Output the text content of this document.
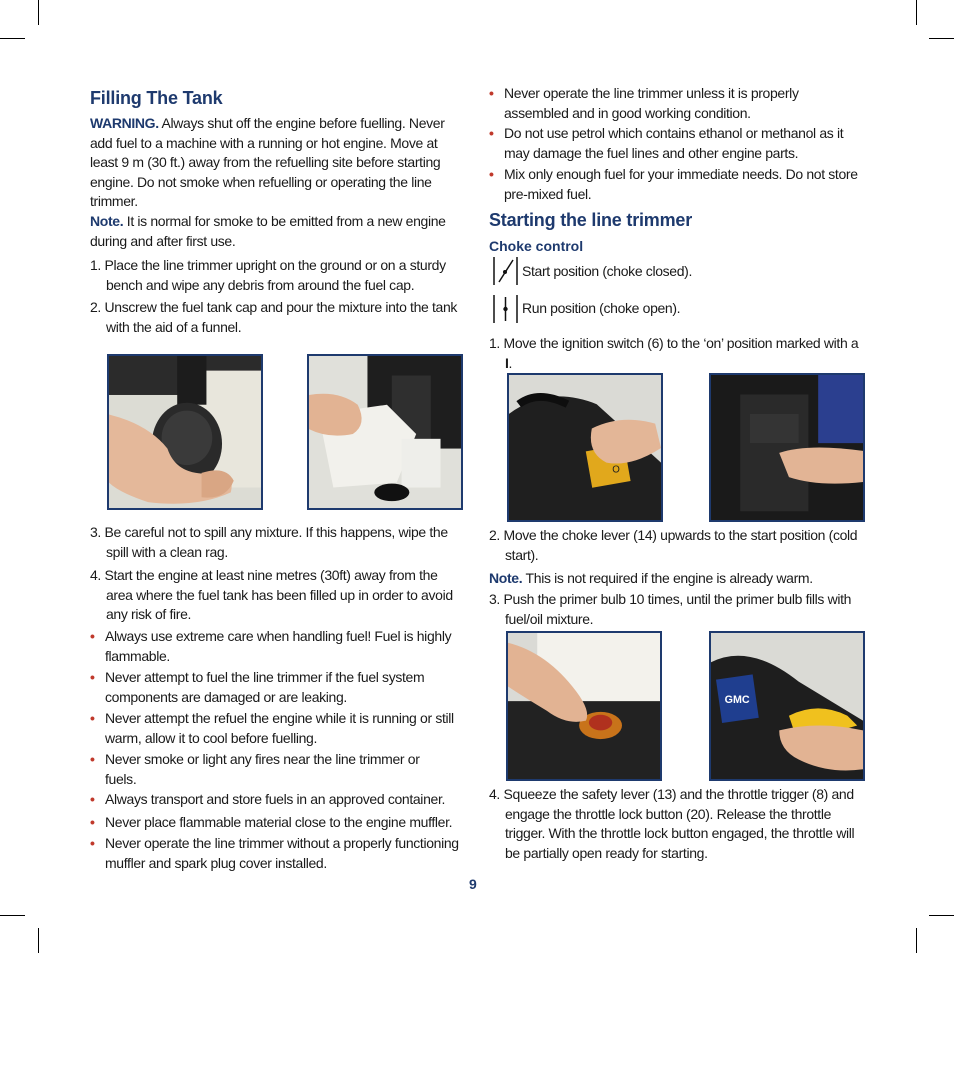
Filling The Tank

WARNING. Always shut off the engine before fuelling. Never add fuel to a machine with a running or hot engine. Move at least 9 m (30 ft.) away from the refuelling site before starting engine. Do not smoke when refuelling or operating the line trimmer.

Note. It is normal for smoke to be emitted from a new engine during and after first use.

1. Place the line trimmer upright on the ground or on a sturdy bench and wipe any debris from around the fuel cap.
2. Unscrew the fuel tank cap and pour the mixture into the tank with the aid of a funnel.
3. Be careful not to spill any mixture. If this happens, wipe the spill with a clean rag.
4. Start the engine at least nine metres (30ft) away from the area where the fuel tank has been filled up in order to avoid any risk of fire.
• Always use extreme care when handling fuel! Fuel is highly flammable.
• Never attempt to fuel the line trimmer if the fuel system components are damaged or are leaking.
• Never attempt the refuel the engine while it is running or still warm, allow it to cool before fuelling.
• Never smoke or light any fires near the line trimmer or fuels.
• Always transport and store fuels in an approved container.
• Never place flammable material close to the engine muffler.
• Never operate the line trimmer without a properly functioning muffler and spark plug cover installed.
• Never operate the line trimmer unless it is properly assembled and in good working condition.
• Do not use petrol which contains ethanol or methanol as it may damage the fuel lines and other engine parts.
• Mix only enough fuel for your immediate needs. Do not store pre-mixed fuel.
Starting the line trimmer
Choke control
Start position (choke closed).
Run position (choke open).
1. Move the ignition switch (6) to the ‘on’ position marked with a I.
O
2. Move the choke lever (14) upwards to the start position (cold start).

Note. This is not required if the engine is already warm.

3. Push the primer bulb 10 times, until the primer bulb fills with fuel/oil mixture.
GMC
4. Squeeze the safety lever (13) and the throttle trigger (8) and engage the throttle lock button (20). Release the throttle trigger. With the throttle lock button engaged, the throttle will be partially open ready for starting.
9
